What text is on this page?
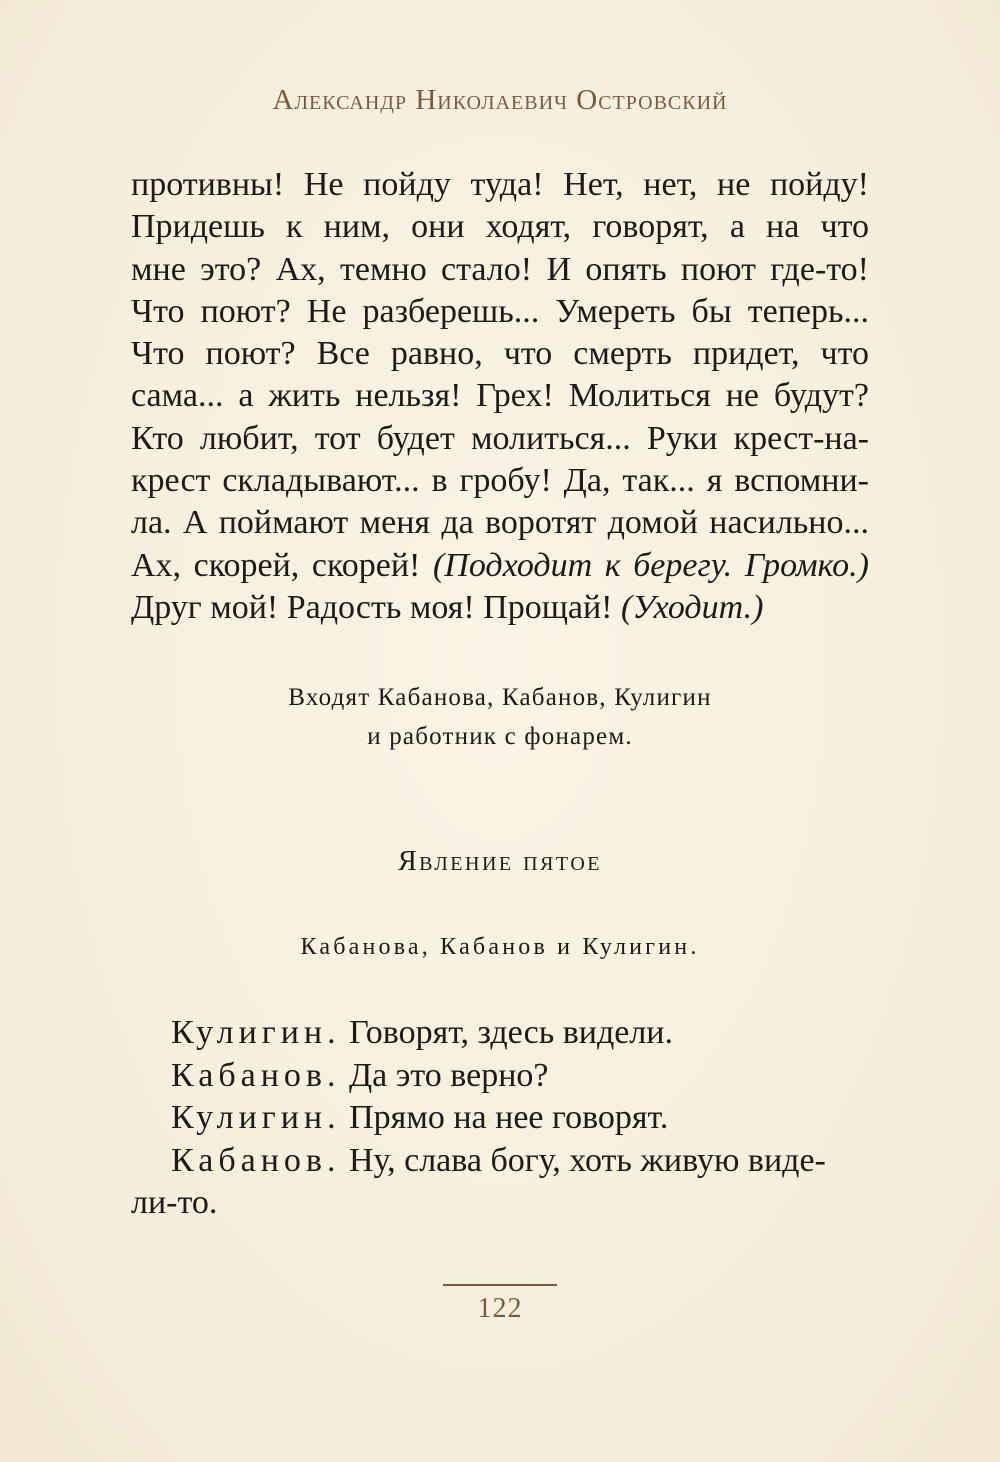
Александр Николаевич Островский
противны! Не пойду туда! Нет, нет, не пойду!
Придешь к ним, они ходят, говорят, а на что
мне это? Ах, темно стало! И опять поют где-то!
Что поют? Не разберешь... Умереть бы теперь...
Что поют? Все равно, что смерть придет, что
сама... а жить нельзя! Грех! Молиться не будут?
Кто любит, тот будет молиться... Руки крест-на-
крест складывают... в гробу! Да, так... я вспомни-
ла. А поймают меня да воротят домой насильно...
Ах, скорей, скорей! (Подходит к берегу. Громко.)
Друг мой! Радость моя! Прощай! (Уходит.)
Входят Кабанова, Кабанов, Кулигин
и работник с фонарем.
Явление пятое
Кабанова, Кабанов и Кулигин.
Кулигин. Говорят, здесь видели.
Кабанов. Да это верно?
Кулигин. Прямо на нее говорят.
Кабанов. Ну, слава богу, хоть живую виде-
ли-то.
122
